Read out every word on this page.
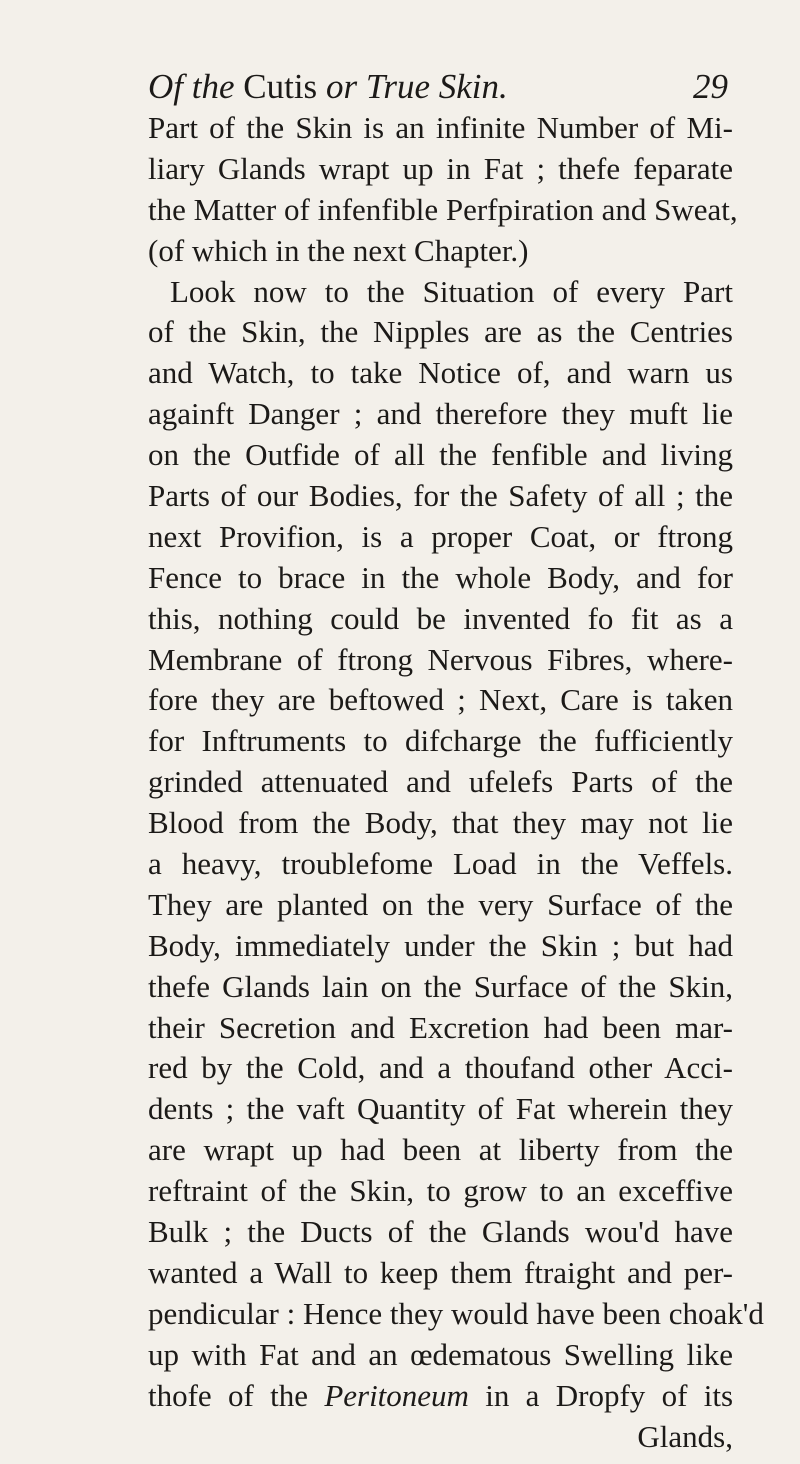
Of the Cutis or True Skin.	29
Part of the Skin is an infinite Number of Mi-
liary Glands wrapt up in Fat ; thefe feparate
the Matter of infenfible Perfpiration and Sweat,
(of which in the next Chapter.)
Look now to the Situation of every Part
of the Skin, the Nipples are as the Centries
and Watch, to take Notice of, and warn us
againft Danger ; and therefore they muft lie
on the Outfide of all the fenfible and living
Parts of our Bodies, for the Safety of all ; the
next Provifion, is a proper Coat, or ftrong
Fence to brace in the whole Body, and for
this, nothing could be invented fo fit as a
Membrane of ftrong Nervous Fibres, where-
fore they are beftowed ; Next, Care is taken
for Inftruments to difcharge the fufficiently
grinded attenuated and ufelefs Parts of the
Blood from the Body, that they may not lie
a heavy, troublefome Load in the Veffels.
They are planted on the very Surface of the
Body, immediately under the Skin ; but had
thefe Glands lain on the Surface of the Skin,
their Secretion and Excretion had been mar-
red by the Cold, and a thoufand other Acci-
dents ; the vaft Quantity of Fat wherein they
are wrapt up had been at liberty from the
reftraint of the Skin, to grow to an exceffive
Bulk ; the Ducts of the Glands wou'd have
wanted a Wall to keep them ftraight and per-
pendicular : Hence they would have been choak'd
up with Fat and an œdematous Swelling like
thofe of the Peritoneum in a Dropfy of its
Glands,
